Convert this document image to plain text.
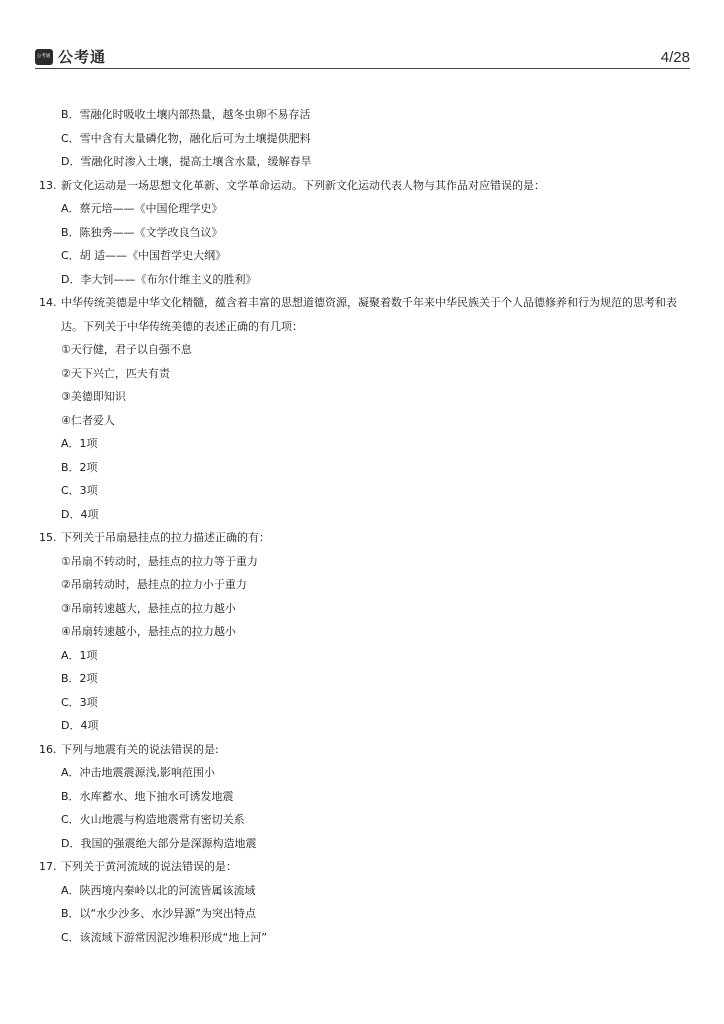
公考通 公考通	4/28
B．雪融化时吸收土壤内部热量，越冬虫卵不易存活
C．雪中含有大量磷化物，融化后可为土壤提供肥料
D．雪融化时渗入土壤，提高土壤含水量，缓解春旱
13. 新文化运动是一场思想文化革新、文学革命运动。下列新文化运动代表人物与其作品对应错误的是：
A．蔡元培——《中国伦理学史》
B．陈独秀——《文学改良刍议》
C．胡 适——《中国哲学史大纲》
D．李大钊——《布尔什维主义的胜利》
14. 中华传统美德是中华文化精髓，蕴含着丰富的思想道德资源，凝聚着数千年来中华民族关于个人品德修养和行为规范的思考和表达。下列关于中华传统美德的表述正确的有几项：
①天行健，君子以自强不息
②天下兴亡，匹夫有责
③美德即知识
④仁者爱人
A．1项
B．2项
C．3项
D．4项
15. 下列关于吊扇悬挂点的拉力描述正确的有：
①吊扇不转动时，悬挂点的拉力等于重力
②吊扇转动时，悬挂点的拉力小于重力
③吊扇转速越大，悬挂点的拉力越小
④吊扇转速越小，悬挂点的拉力越小
A．1项
B．2项
C．3项
D．4项
16. 下列与地震有关的说法错误的是:
A．冲击地震震源浅,影响范围小
B．水库蓄水、地下抽水可诱发地震
C．火山地震与构造地震常有密切关系
D．我国的强震绝大部分是深源构造地震
17. 下列关于黄河流域的说法错误的是：
A．陕西境内秦岭以北的河流皆属该流域
B．以“水少沙多、水沙异源”为突出特点
C．该流域下游常因泥沙堆积形成“地上河”
